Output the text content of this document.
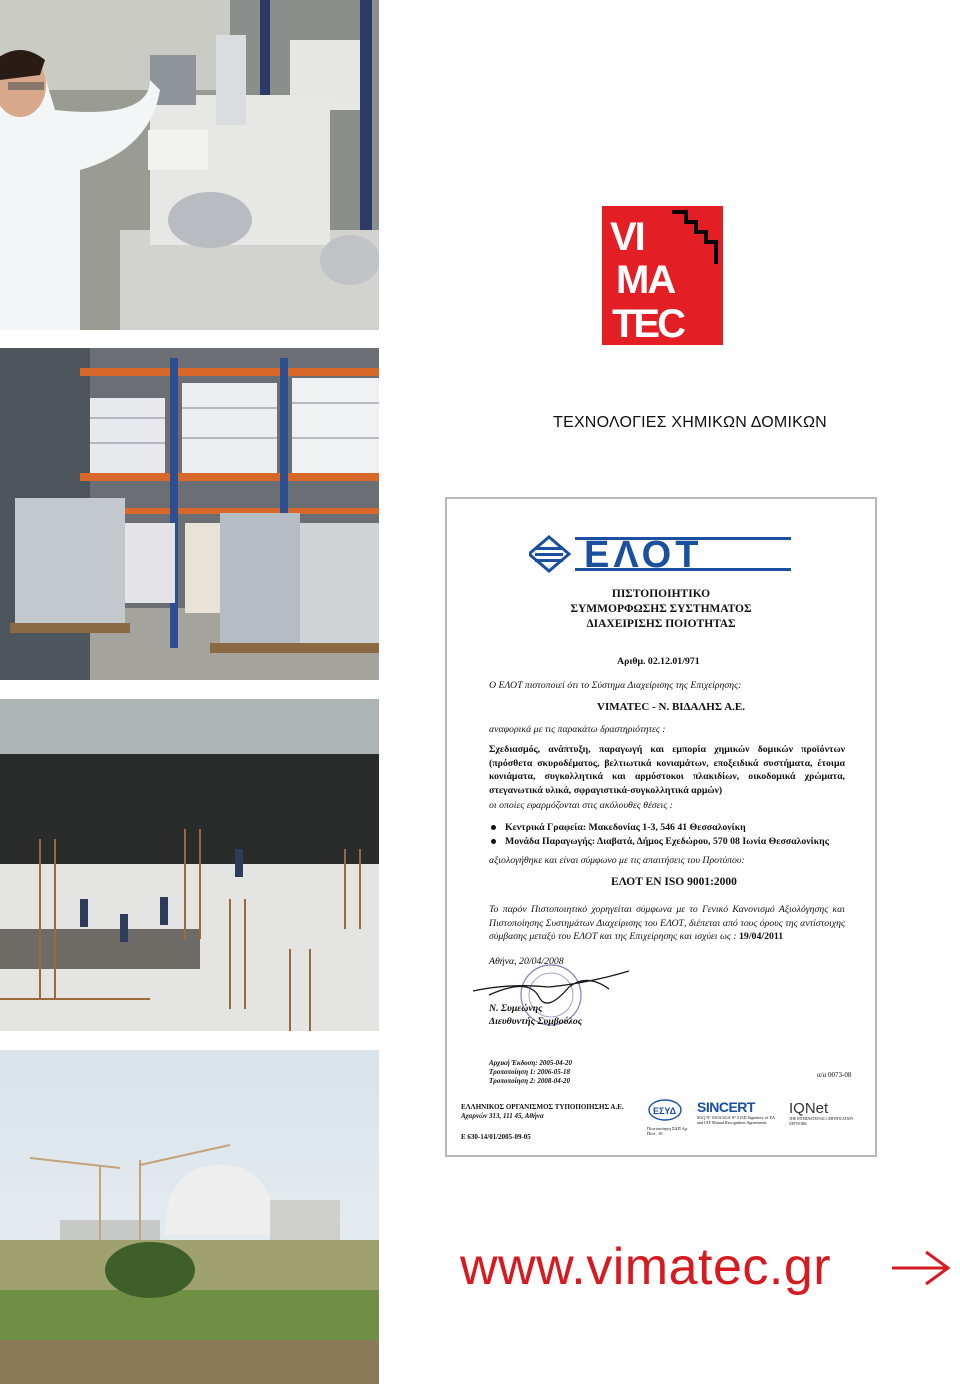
VI
MA
TEC
ΤΕΧΝΟΛΟΓΙΕΣ ΧΗΜΙΚΩΝ ΔΟΜΙΚΩΝ
ΕΛΟΤ
ΠΙΣΤΟΠΟΙΗΤΙΚΟ
ΣΥΜΜΟΡΦΩΣΗΣ ΣΥΣΤΗΜΑΤΟΣ
ΔΙΑΧΕΙΡΙΣΗΣ ΠΟΙΟΤΗΤΑΣ
Αριθμ. 02.12.01/971
Ο ΕΛΟΤ πιστοποιεί ότι το Σύστημα Διαχείρισης της Επιχείρησης:
VIMATEC - Ν. ΒΙΔΑΛΗΣ Α.Ε.
αναφορικά με τις παρακάτω δραστηριότητες :
Σχεδιασμός, ανάπτυξη, παραγωγή και εμπορία χημικών δομικών προϊόντων (πρόσθετα σκυροδέματος, βελτιωτικά κονιαμάτων, εποξειδικά συστήματα, έτοιμα κονιάματα, συγκολλητικά και αρμόστοκοι πλακιδίων, οικοδομικά χρώματα, στεγανωτικά υλικά, σφραγιστικά-συγκολλητικά αρμών)
οι οποίες εφαρμόζονται στις ακόλουθες θέσεις :
Κεντρικά Γραφεία: Μακεδονίας 1-3, 546 41 Θεσσαλονίκη
Μονάδα Παραγωγής: Διαβατά, Δήμος Εχεδώρου, 570 08 Ιωνία Θεσσαλονίκης
αξιολογήθηκε και είναι σύμφωνο με τις απαιτήσεις του Προτύπου:
ΕΛΟΤ ΕΝ ISO 9001:2000
Το παρόν Πιστοποιητικό χορηγείται σύμφωνα με το Γενικό Κανονισμό Αξιολόγησης και Πιστοποίησης Συστημάτων Διαχείρισης του ΕΛΟΤ, διέπεται από τους όρους της αντίστοιχης σύμβασης μεταξύ του ΕΛΟΤ και της Επιχείρησης και ισχύει ως : 19/04/2011
Αθήνα, 20/04/2008
Ν. Συμεώνης
Διευθυντής Συμβούλος
Αρχική Έκδοση: 2005-04-20
Τροποποίηση 1: 2006-05-18
Τροποποίηση 2: 2008-04-20
α/α 0073-08
ΕΛΛΗΝΙΚΟΣ ΟΡΓΑΝΙΣΜΟΣ ΤΥΠΟΠΟΙΗΣΗΣ Α.Ε.
Αχαρνών 313, 111 45, Αθήνα
Ε 630-14/01/2005-09-05
ΕΣΥΔ
Πιστοποίηση ΣΔΠ Αρ. Πιστ. 10
SINCERT
SGQ N° 030A SGA N° 015D Signatory of EA and IAF Mutual Recognition Agreements
IQNet
THE INTERNATIONAL CERTIFICATION NETWORK
www.vimatec.gr
